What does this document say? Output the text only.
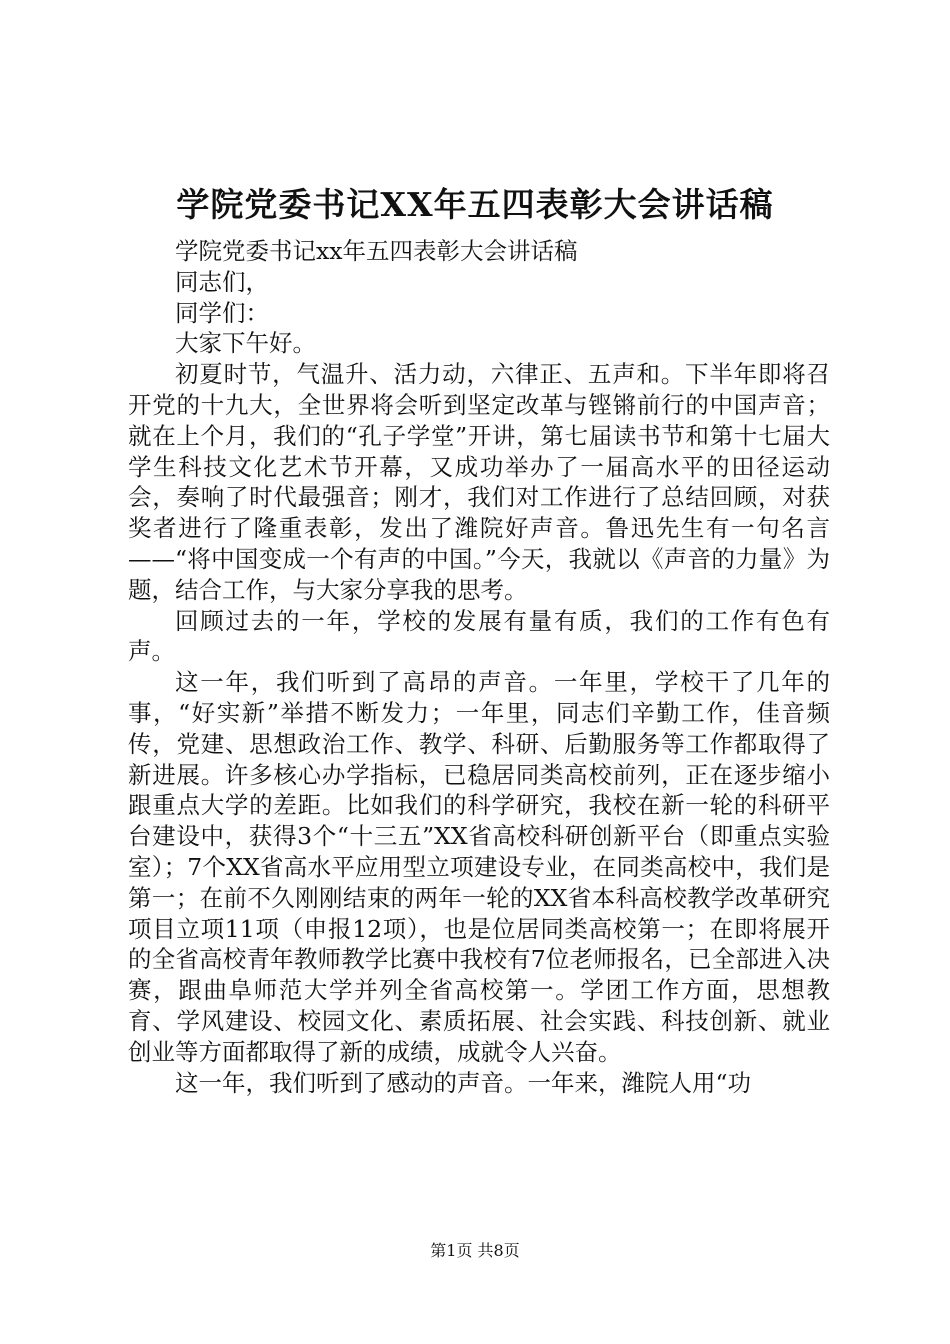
学院党委书记XX年五四表彰大会讲话稿

学院党委书记xx年五四表彰大会讲话稿

同志们，

同学们：

大家下午好。

初夏时节，气温升、活力动，六律正、五声和。下半年即将召开党的十九大，全世界将会听到坚定改革与铿锵前行的中国声音；就在上个月，我们的“孔子学堂”开讲，第七届读书节和第十七届大学生科技文化艺术节开幕，又成功举办了一届高水平的田径运动会，奏响了时代最强音；刚才，我们对工作进行了总结回顾，对获奖者进行了隆重表彰，发出了潍院好声音。鲁迅先生有一句名言——“将中国变成一个有声的中国。”今天，我就以《声音的力量》为题，结合工作，与大家分享我的思考。

回顾过去的一年，学校的发展有量有质，我们的工作有色有声。

这一年，我们听到了高昂的声音。一年里，学校干了几年的事，“好实新”举措不断发力；一年里，同志们辛勤工作，佳音频传，党建、思想政治工作、教学、科研、后勤服务等工作都取得了新进展。许多核心办学指标，已稳居同类高校前列，正在逐步缩小跟重点大学的差距。比如我们的科学研究，我校在新一轮的科研平台建设中，获得3个“十三五”XX省高校科研创新平台（即重点实验室）；7个XX省高水平应用型立项建设专业，在同类高校中，我们是第一；在前不久刚刚结束的两年一轮的XX省本科高校教学改革研究项目立项11项（申报12项），也是位居同类高校第一；在即将展开的全省高校青年教师教学比赛中我校有7位老师报名，已全部进入决赛，跟曲阜师范大学并列全省高校第一。学团工作方面，思想教育、学风建设、校园文化、素质拓展、社会实践、科技创新、就业创业等方面都取得了新的成绩，成就令人兴奋。

这一年，我们听到了感动的声音。一年来，潍院人用“功

第1页 共8页
